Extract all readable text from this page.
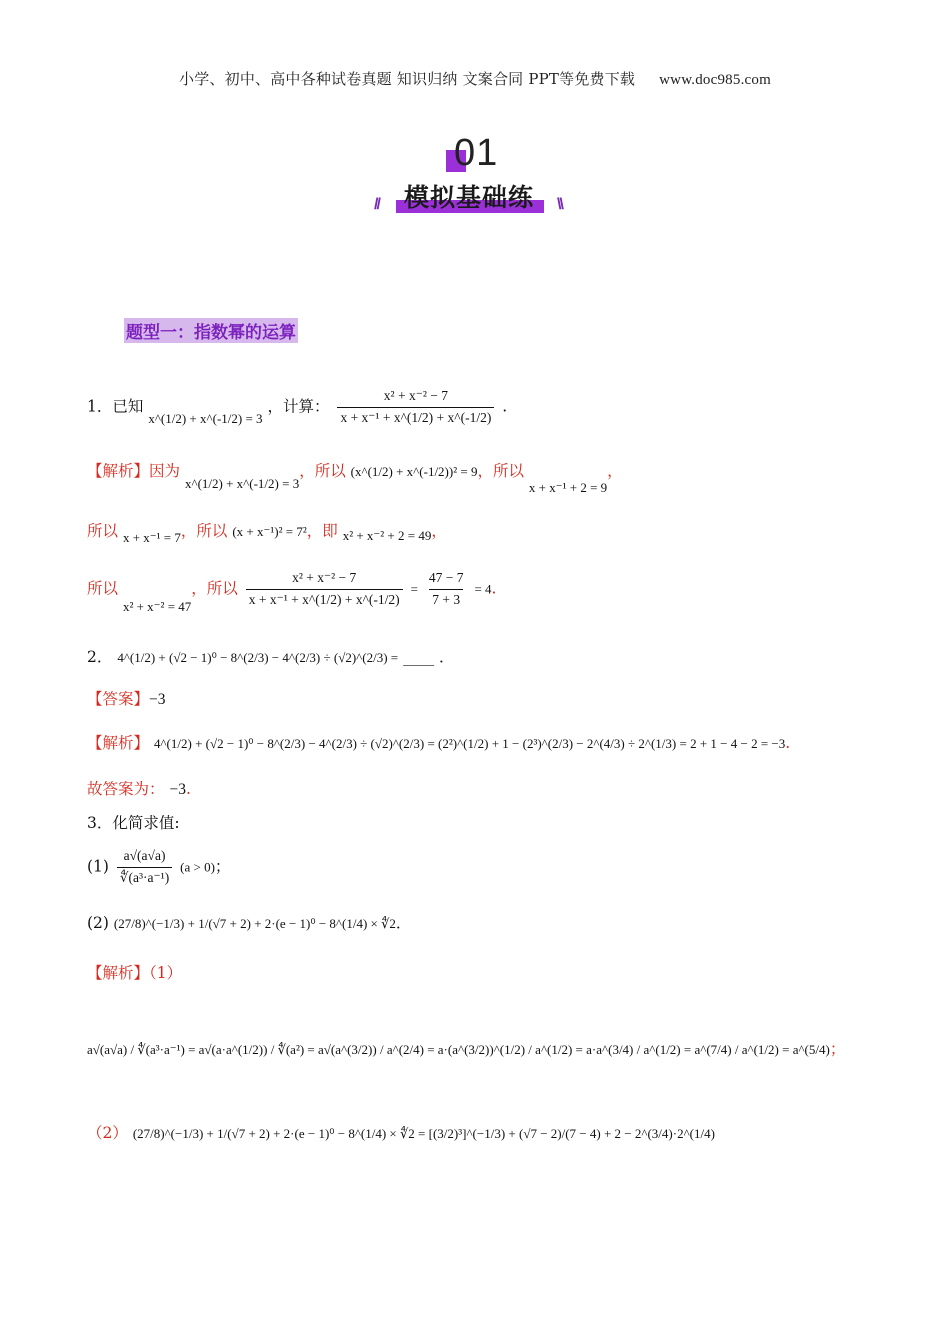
小学、初中、高中各种试卷真题 知识归纳 文案合同 PPT等免费下载 www.doc985.com
01
模拟基础练
//	\\
题型一：指数幂的运算
1．已知 $_{x\^{}(1/2) + x\^{}(-1/2) = 3}$ ，计算： $\frac{\text{x² + x⁻² − 7}}{\text{x + x⁻¹ + x\textasciicircum{}(1/2) + x\textasciicircum{}(-1/2)}}$ .
【解析】因为 $_{x\^{}(1/2) + x\^{}(-1/2) = 3}$，所以 (x^(1/2) + x^(-1/2))² = 9，所以 $_{x + x^{-1} + 2 = 9}$，
所以 $_{x + x^{-1} = 7}$，所以 (x + x⁻¹)² = 7²，即 $_{x^2 + x^{-2} + 2 = 49}$，
所以 $_{x^2 + x^{-2} = 47}$，所以 $\frac{\text{x² + x⁻² − 7}}{\text{x + x⁻¹ + x\textasciicircum{}(1/2) + x\textasciicircum{}(-1/2)}} = \frac{47 - 7}{7 + 3} = 4$.
2． 4^(1/2) + (√2 − 1)⁰ − 8^(2/3) − 4^(2/3) ÷ (√2)^(2/3) = ____ ．
【答案】−3
【解析】 4^(1/2) + (√2 − 1)⁰ − 8^(2/3) − 4^(2/3) ÷ (√2)^(2/3) = (2²)^(1/2) + 1 − (2³)^(2/3) − 2^(4/3) ÷ 2^(1/3) = 2 + 1 − 4 − 2 = −3.
故答案为： −3.
3．化简求值:
$(1) \frac{a√(a√a)}{\text{∜(a³·a⁻¹)}} (a > 0)$；
(2) (27/8)^(−1/3) + 1/(√7 + 2) + 2·(e − 1)⁰ − 8^(1/4) × ∜2．
【解析】（1）
a√(a√a) / ∜(a³·a⁻¹) = a√(a·a^(1/2)) / ∜(a²) = a√(a^(3/2)) / a^(2/4) = a·(a^(3/2))^(1/2) / a^(1/2) = a·a^(3/4) / a^(1/2) = a^(7/4) / a^(1/2) = a^(5/4)；
（2） (27/8)^(−1/3) + 1/(√7 + 2) + 2·(e − 1)⁰ − 8^(1/4) × ∜2 = [(3/2)³]^(−1/3) + (√7 − 2)/(7 − 4) + 2 − 2^(3/4)·2^(1/4)
